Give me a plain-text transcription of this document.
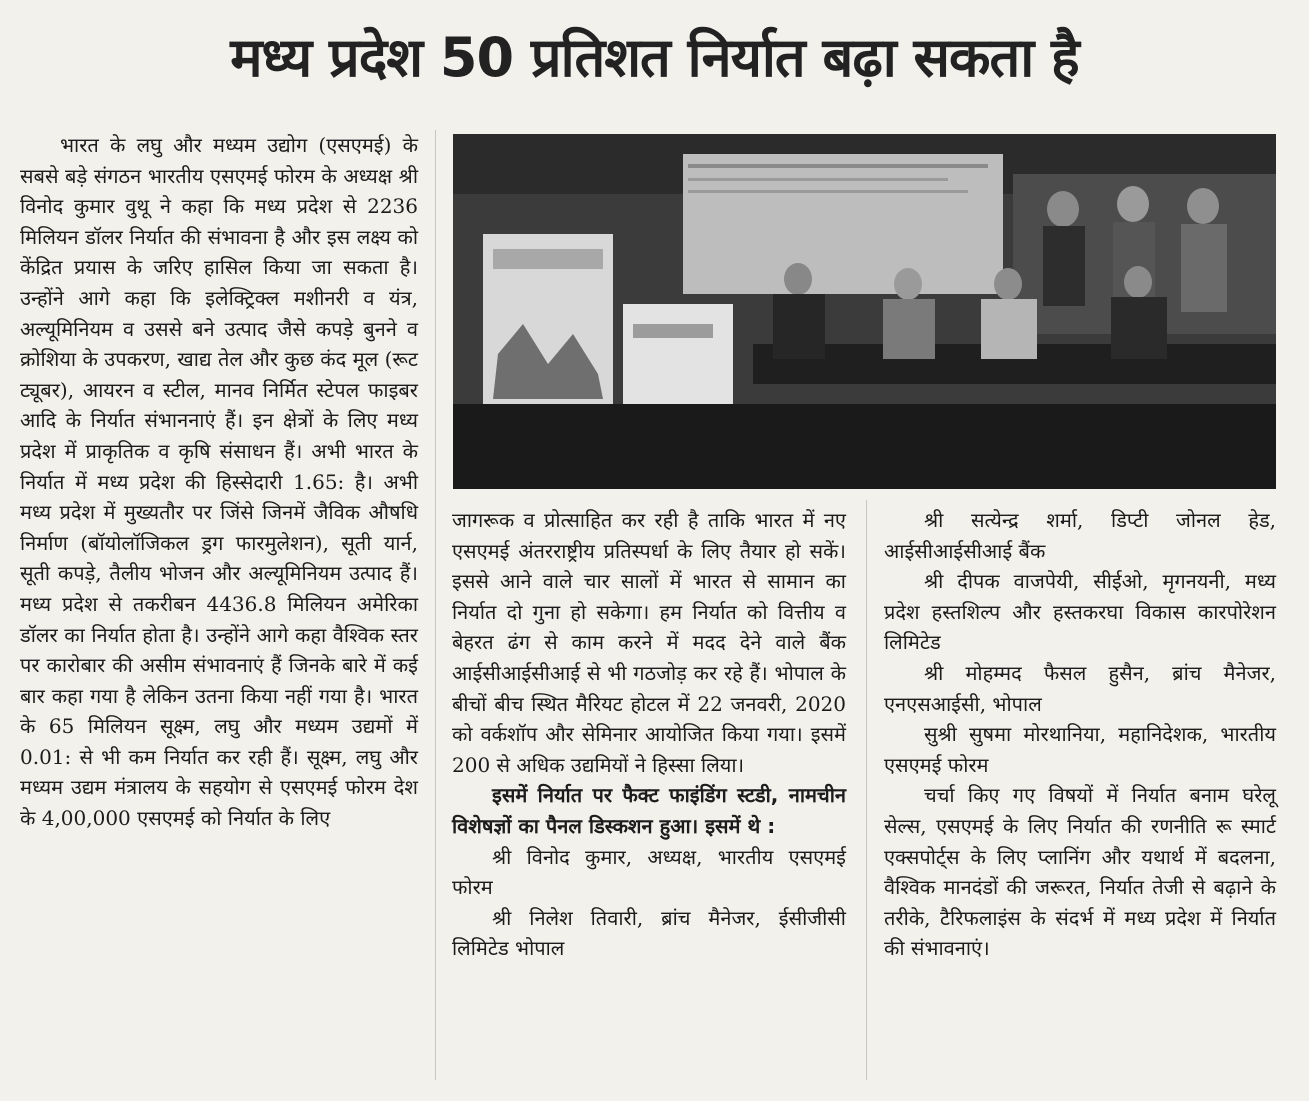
मध्य प्रदेश 50 प्रतिशत निर्यात बढ़ा सकता है

भारत के लघु और मध्यम उद्योग (एसएमई) के सबसे बड़े संगठन भारतीय एसएमई फोरम के अध्यक्ष श्री विनोद कुमार वुथू ने कहा कि मध्य प्रदेश से 2236 मिलियन डॉलर निर्यात की संभावना है और इस लक्ष्य को केंद्रित प्रयास के जरिए हासिल किया जा सकता है। उन्होंने आगे कहा कि इलेक्ट्रिक्ल मशीनरी व यंत्र, अल्यूमिनियम व उससे बने उत्पाद जैसे कपड़े बुनने व क्रोशिया के उपकरण, खाद्य तेल और कुछ कंद मूल (रूट ट्यूबर), आयरन व स्टील, मानव निर्मित स्टेपल फाइबर आदि के निर्यात संभाननाएं हैं। इन क्षेत्रों के लिए मध्य प्रदेश में प्राकृतिक व कृषि संसाधन हैं। अभी भारत के निर्यात में मध्य प्रदेश की हिस्सेदारी 1.65: है। अभी मध्य प्रदेश में मुख्यतौर पर जिंसे जिनमें जैविक औषधि निर्माण (बॉयोलॉजिकल ड्रग फारमुलेशन), सूती यार्न, सूती कपड़े, तैलीय भोजन और अल्यूमिनियम उत्पाद हैं। मध्य प्रदेश से तकरीबन 4436.8 मिलियन अमेरिका डॉलर का निर्यात होता है। उन्होंने आगे कहा वैश्विक स्तर पर कारोबार की असीम संभावनाएं हैं जिनके बारे में कई बार कहा गया है लेकिन उतना किया नहीं गया है। भारत के 65 मिलियन सूक्ष्म, लघु और मध्यम उद्यमों में 0.01: से भी कम निर्यात कर रही हैं। सूक्ष्म, लघु और मध्यम उद्यम मंत्रालय के सहयोग से एसएमई फोरम देश के 4,00,000 एसएमई को निर्यात के लिए

जागरूक व प्रोत्साहित कर रही है ताकि भारत में नए एसएमई अंतरराष्ट्रीय प्रतिस्पर्धा के लिए तैयार हो सकें। इससे आने वाले चार सालों में भारत से सामान का निर्यात दो गुना हो सकेगा। हम निर्यात को वित्तीय व बेहरत ढंग से काम करने में मदद देने वाले बैंक आईसीआईसीआई से भी गठजोड़ कर रहे हैं। भोपाल के बीचों बीच स्थित मैरियट होटल में 22 जनवरी, 2020 को वर्कशॉप और सेमिनार आयोजित किया गया। इसमें 200 से अधिक उद्यमियों ने हिस्सा लिया।

इसमें निर्यात पर फैक्ट फाइंडिंग स्टडी, नामचीन विशेषज्ञों का पैनल डिस्कशन हुआ। इसमें थे :

श्री विनोद कुमार, अध्यक्ष, भारतीय एसएमई फोरम

श्री निलेश तिवारी, ब्रांच मैनेजर, ईसीजीसी लिमिटेड भोपाल

श्री सत्येन्द्र शर्मा, डिप्टी जोनल हेड, आईसीआईसीआई बैंक

श्री दीपक वाजपेयी, सीईओ, मृगनयनी, मध्य प्रदेश हस्तशिल्प और हस्तकरघा विकास कारपोरेशन लिमिटेड

श्री मोहम्मद फैसल हुसैन, ब्रांच मैनेजर, एनएसआईसी, भोपाल

सुश्री सुषमा मोरथानिया, महानिदेशक, भारतीय एसएमई फोरम

चर्चा किए गए विषयों में निर्यात बनाम घरेलू सेल्स, एसएमई के लिए निर्यात की रणनीति रू स्मार्ट एक्सपोर्ट्स के लिए प्लानिंग और यथार्थ में बदलना, वैश्विक मानदंडों की जरूरत, निर्यात तेजी से बढ़ाने के तरीके, टैरिफलाइंस के संदर्भ में मध्य प्रदेश में निर्यात की संभावनाएं।
